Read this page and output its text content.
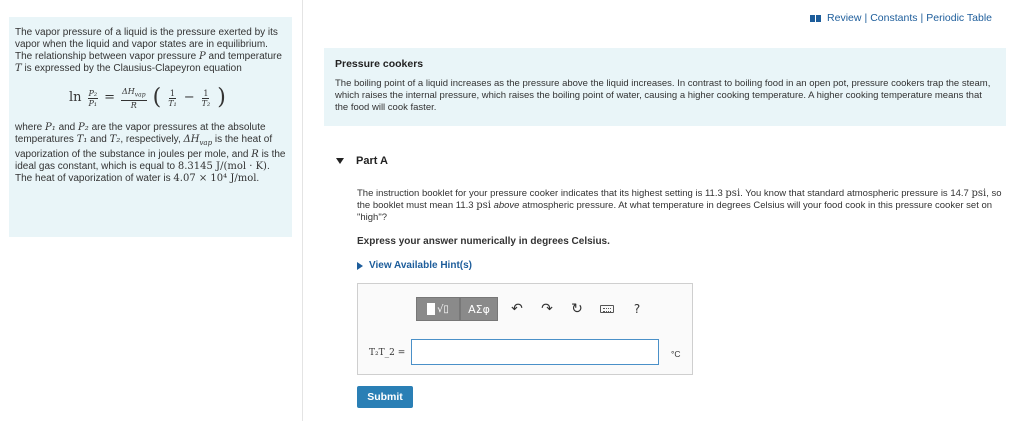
The vapor pressure of a liquid is the pressure exerted by its vapor when the liquid and vapor states are in equilibrium. The relationship between vapor pressure P and temperature T is expressed by the Clausius-Clapeyron equation

$\ln \frac{\text{P₂}}{\text{P₁}} = \frac{\Delta H_{vap}}{R}$ ( $\frac{1}{\text{T₁}} - \frac{1}{\text{T₂}}$ )

where P₁ and P₂ are the vapor pressures at the absolute temperatures T₁ and T₂, respectively, $\Delta H_{vap}$ is the heat of vaporization of the substance in joules per mole, and R is the ideal gas constant, which is equal to 8.3145 J/(mol · K). The heat of vaporization of water is 4.07 × 10⁴ J/mol.

Review | Constants | Periodic Table
Pressure cookers

The boiling point of a liquid increases as the pressure above the liquid increases. In contrast to boiling food in an open pot, pressure cookers trap the steam, which raises the internal pressure, which raises the boiling point of water, causing a higher cooking temperature. A higher cooking temperature means that the food will cook faster.

Part A
The instruction booklet for your pressure cooker indicates that its highest setting is 11.3 psi. You know that standard atmospheric pressure is 14.7 psi, so the booklet must mean 11.3 psi above atmospheric pressure. At what temperature in degrees Celsius will your food cook in this pressure cooker set on "high"?
Express your answer numerically in degrees Celsius.
View Available Hint(s)
√▯	ΑΣφ	↶	↷	↻	?
T₂T_2 =	°C
Submit
